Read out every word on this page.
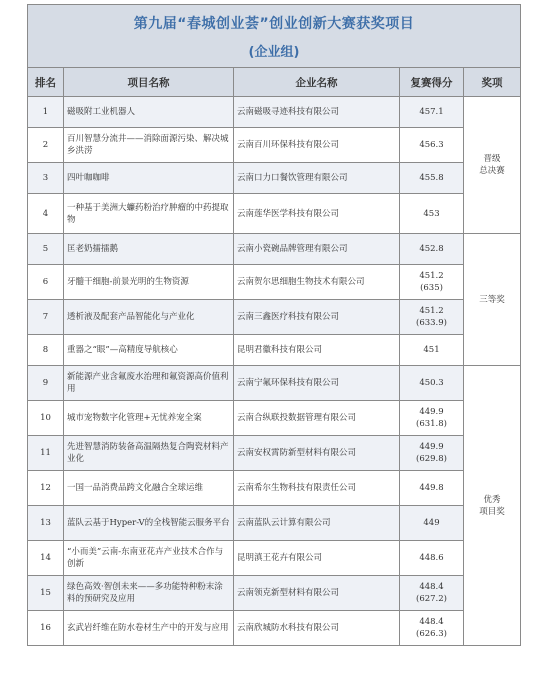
第九届“春城创业荟”创业创新大赛获奖项目
(企业组)				

排名	项目名称	企业名称	复赛得分	奖项
1	磁吸附工业机器人	云南磁吸寻迹科技有限公司	457.1	晋级
总决赛
2	百川智慧分流井——消除面源污染、解决城乡洪涝	云南百川环保科技有限公司	456.3	
3	四叶咖咖啡	云南口力口餐饮管理有限公司	455.8	
4	一种基于美洲大蠊药粉治疗肿瘤的中药提取物	云南莲华医学科技有限公司	453	
5	匡老奶擂擂鹅	云南小瓷碗品牌管理有限公司	452.8	三等奖
6	牙髓干细胞-前景光明的生物资源	云南贺尔思细胞生物技术有限公司	451.2
(635)	
7	透析液及配套产品智能化与产业化	云南三鑫医疗科技有限公司	451.2
(633.9)	
8	重器之“眼”—高精度导航核心	昆明君徽科技有限公司	451	
9	新能源产业含氟废水治理和氟资源高价值利用	云南宁氟环保科技有限公司	450.3	优秀
项目奖
10	城市宠物数字化管理+无忧养宠全案	云南合纵联投数据管理有限公司	449.9
(631.8)	
11	先进智慧消防装备高温隔热复合陶瓷材料产业化	云南安权霄防新型材料有限公司	449.9
(629.8)	
12	一国一品消费品跨文化融合全球运维	云南希尔生物科技有限责任公司	449.8	
13	蓝队云基于Hyper-V的全栈智能云服务平台	云南蓝队云计算有限公司	449	
14	“小而美”云南-东南亚花卉产业技术合作与创新	昆明滇王花卉有限公司	448.6	
15	绿色高效·智创未来——多功能特种粉末涂料的预研究及应用	云南领克新型材料有限公司	448.4
(627.2)	
16	玄武岩纤维在防水卷材生产中的开发与应用	云南欣城防水科技有限公司	448.4
(626.3)	
